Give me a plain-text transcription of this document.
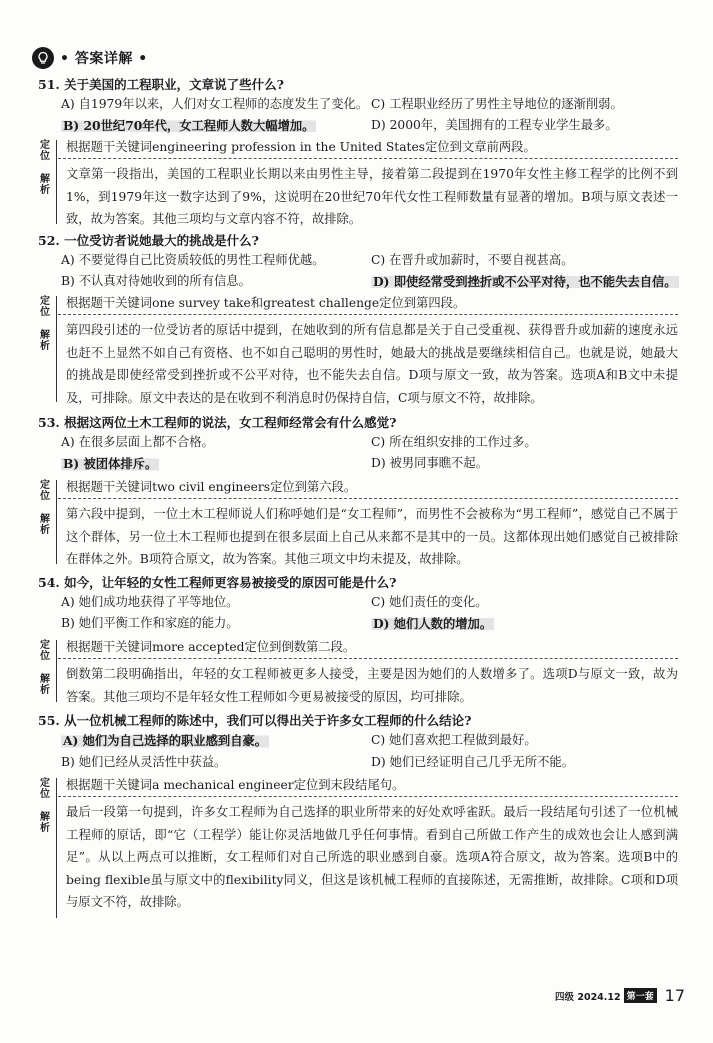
• 答案详解 •
51. 关于美国的工程职业，文章说了些什么?
A) 自1979年以来，人们对女工程师的态度发生了变化。 C) 工程职业经历了男性主导地位的逐渐削弱。
B) 20世纪70年代，女工程师人数大幅增加。	D) 2000年，美国拥有的工程专业学生最多。
定位
解析
根据题干关键词engineering profession in the United States定位到文章前两段。
文章第一段指出，美国的工程职业长期以来由男性主导，接着第二段提到在1970年女性主修工程学的比例不到1%，到1979年这一数字达到了9%，这说明在20世纪70年代女性工程师数量有显著的增加。B项与原文表述一致，故为答案。其他三项均与文章内容不符，故排除。
52. 一位受访者说她最大的挑战是什么?
A) 不要觉得自己比资质较低的男性工程师优越。	C) 在晋升或加薪时，不要自视甚高。
B) 不认真对待她收到的所有信息。	D) 即使经常受到挫折或不公平对待，也不能失去自信。
定位
解析
根据题干关键词one survey take和greatest challenge定位到第四段。
第四段引述的一位受访者的原话中提到，在她收到的所有信息都是关于自己受重视、获得晋升或加薪的速度永远也赶不上显然不如自己有资格、也不如自己聪明的男性时，她最大的挑战是要继续相信自己。也就是说，她最大的挑战是即使经常受到挫折或不公平对待，也不能失去自信。D项与原文一致，故为答案。选项A和B文中未提及，可排除。原文中表达的是在收到不利消息时仍保持自信，C项与原文不符，故排除。
53. 根据这两位土木工程师的说法，女工程师经常会有什么感觉?
A) 在很多层面上都不合格。	C) 所在组织安排的工作过多。
B) 被团体排斥。	D) 被男同事瞧不起。
定位
解析
根据题干关键词two civil engineers定位到第六段。
第六段中提到，一位土木工程师说人们称呼她们是“女工程师”，而男性不会被称为“男工程师”，感觉自己不属于这个群体，另一位土木工程师也提到在很多层面上自己从来都不是其中的一员。这都体现出她们感觉自己被排除在群体之外。B项符合原文，故为答案。其他三项文中均未提及，故排除。
54. 如今，让年轻的女性工程师更容易被接受的原因可能是什么?
A) 她们成功地获得了平等地位。	C) 她们责任的变化。
B) 她们平衡工作和家庭的能力。	D) 她们人数的增加。
定位
解析
根据题干关键词more accepted定位到倒数第二段。
倒数第二段明确指出，年轻的女工程师被更多人接受，主要是因为她们的人数增多了。选项D与原文一致，故为答案。其他三项均不是年轻女性工程师如今更易被接受的原因，均可排除。
55. 从一位机械工程师的陈述中，我们可以得出关于许多女工程师的什么结论?
A) 她们为自己选择的职业感到自豪。	C) 她们喜欢把工程做到最好。
B) 她们已经从灵活性中获益。	D) 她们已经证明自己几乎无所不能。
定位
解析
根据题干关键词a mechanical engineer定位到末段结尾句。
最后一段第一句提到，许多女工程师为自己选择的职业所带来的好处欢呼雀跃。最后一段结尾句引述了一位机械工程师的原话，即“它（工程学）能让你灵活地做几乎任何事情。看到自己所做工作产生的成效也会让人感到满足”。从以上两点可以推断，女工程师们对自己所选的职业感到自豪。选项A符合原文，故为答案。选项B中的being flexible虽与原文中的flexibility同义，但这是该机械工程师的直接陈述，无需推断，故排除。C项和D项与原文不符，故排除。
四级 2024.12 第一套 17
